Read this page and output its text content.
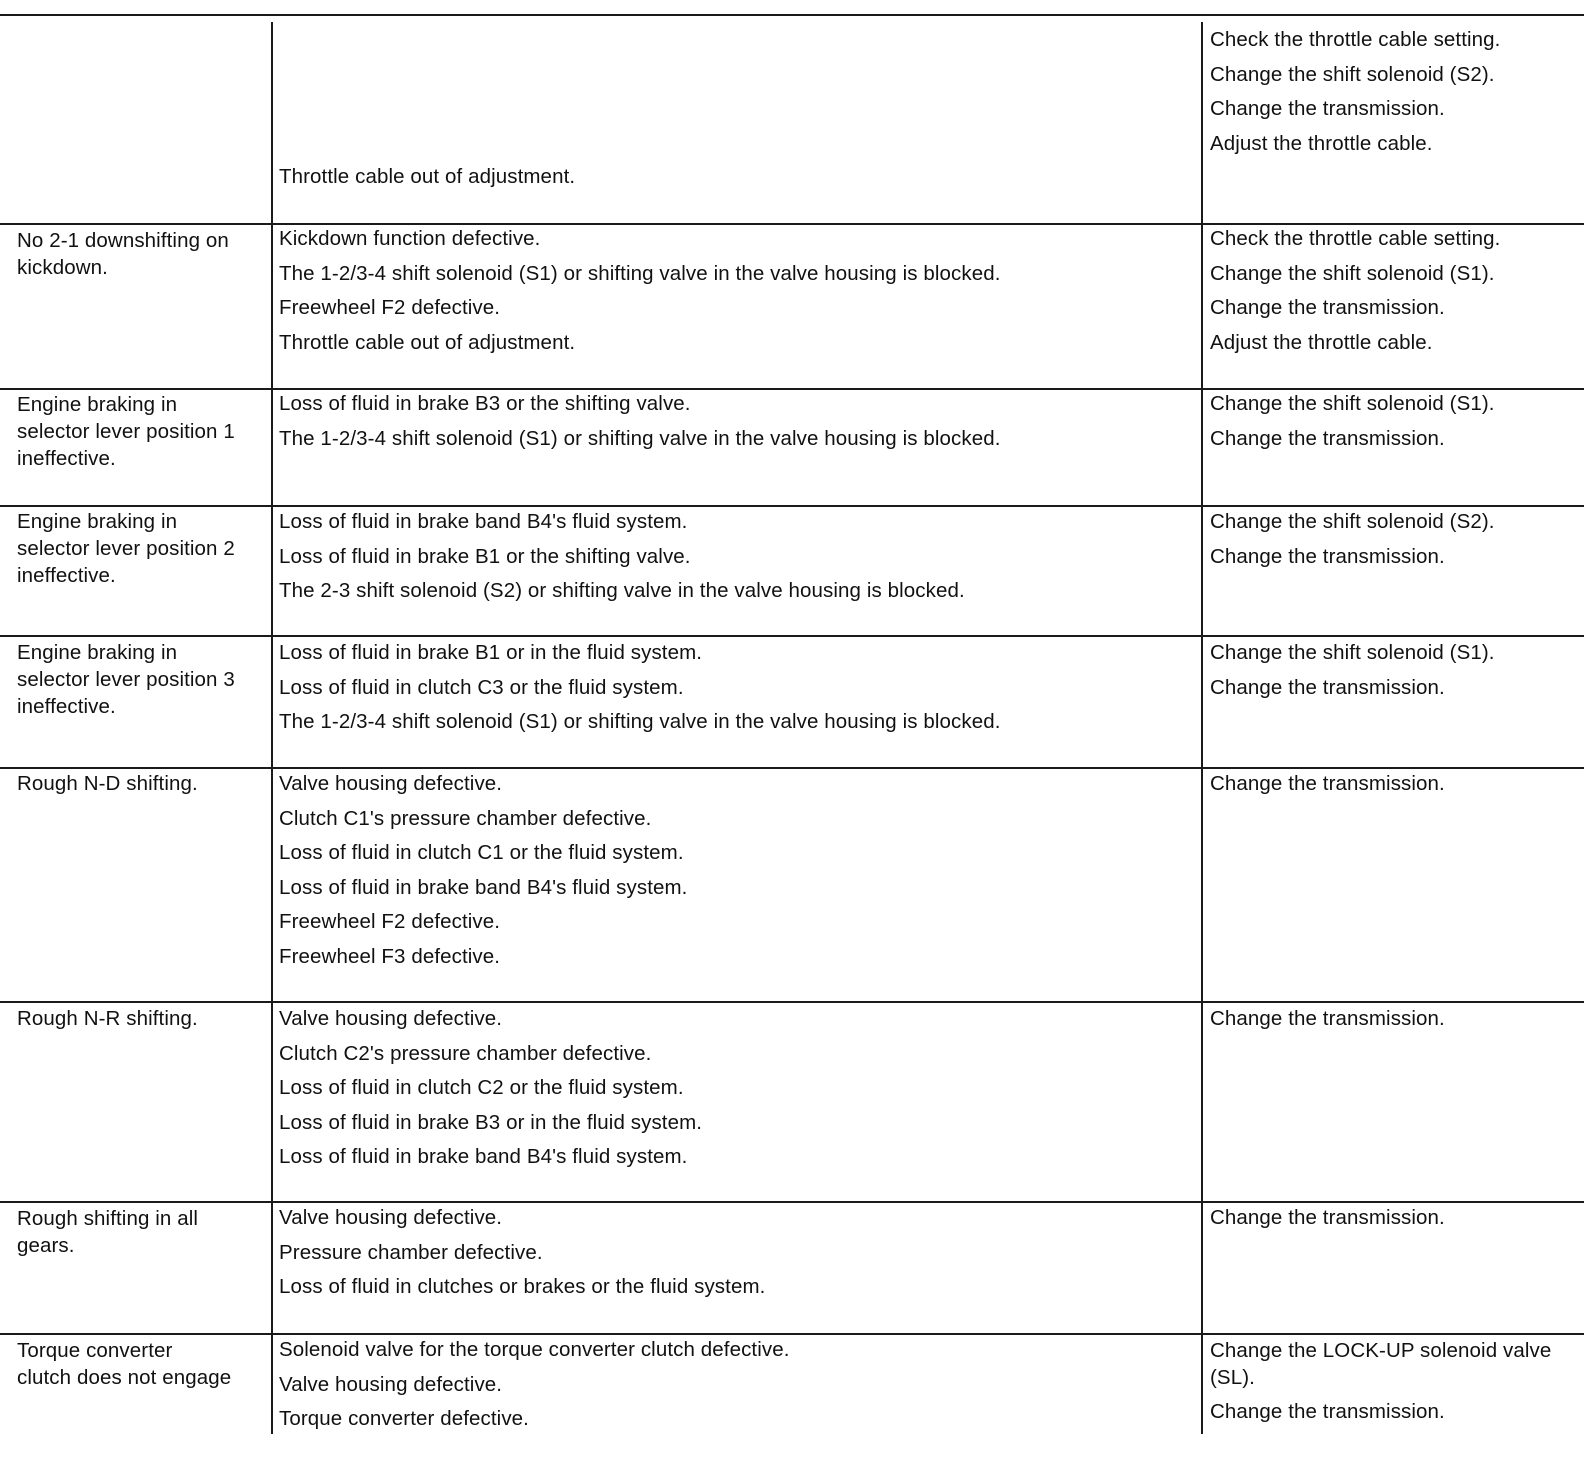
Throttle cable out of adjustment.
Check the throttle cable setting.
Change the shift solenoid (S2).
Change the transmission.
Adjust the throttle cable.
No 2-1 downshifting on
kickdown.
Kickdown function defective.
The 1-2/3-4 shift solenoid (S1) or shifting valve in the valve housing is blocked.
Freewheel F2 defective.
Throttle cable out of adjustment.
Check the throttle cable setting.
Change the shift solenoid (S1).
Change the transmission.
Adjust the throttle cable.
Engine braking in
selector lever position 1
ineffective.
Loss of fluid in brake B3 or the shifting valve.
The 1-2/3-4 shift solenoid (S1) or shifting valve in the valve housing is blocked.
Change the shift solenoid (S1).
Change the transmission.
Engine braking in
selector lever position 2
ineffective.
Loss of fluid in brake band B4's fluid system.
Loss of fluid in brake B1 or the shifting valve.
The 2-3 shift solenoid (S2) or shifting valve in the valve housing is blocked.
Change the shift solenoid (S2).
Change the transmission.
Engine braking in
selector lever position 3
ineffective.
Loss of fluid in brake B1 or in the fluid system.
Loss of fluid in clutch C3 or the fluid system.
The 1-2/3-4 shift solenoid (S1) or shifting valve in the valve housing is blocked.
Change the shift solenoid (S1).
Change the transmission.
Rough N-D shifting.	Valve housing defective.
Clutch C1's pressure chamber defective.
Loss of fluid in clutch C1 or the fluid system.
Loss of fluid in brake band B4's fluid system.
Freewheel F2 defective.
Freewheel F3 defective.
Change the transmission.
Rough N-R shifting.	Valve housing defective.
Clutch C2's pressure chamber defective.
Loss of fluid in clutch C2 or the fluid system.
Loss of fluid in brake B3 or in the fluid system.
Loss of fluid in brake band B4's fluid system.
Change the transmission.
Rough shifting in all
gears.
Valve housing defective.
Pressure chamber defective.
Loss of fluid in clutches or brakes or the fluid system.
Change the transmission.
Torque converter
clutch does not engage
Solenoid valve for the torque converter clutch defective.
Valve housing defective.
Torque converter defective.
Change the LOCK-UP solenoid valve (SL).
Change the transmission.
